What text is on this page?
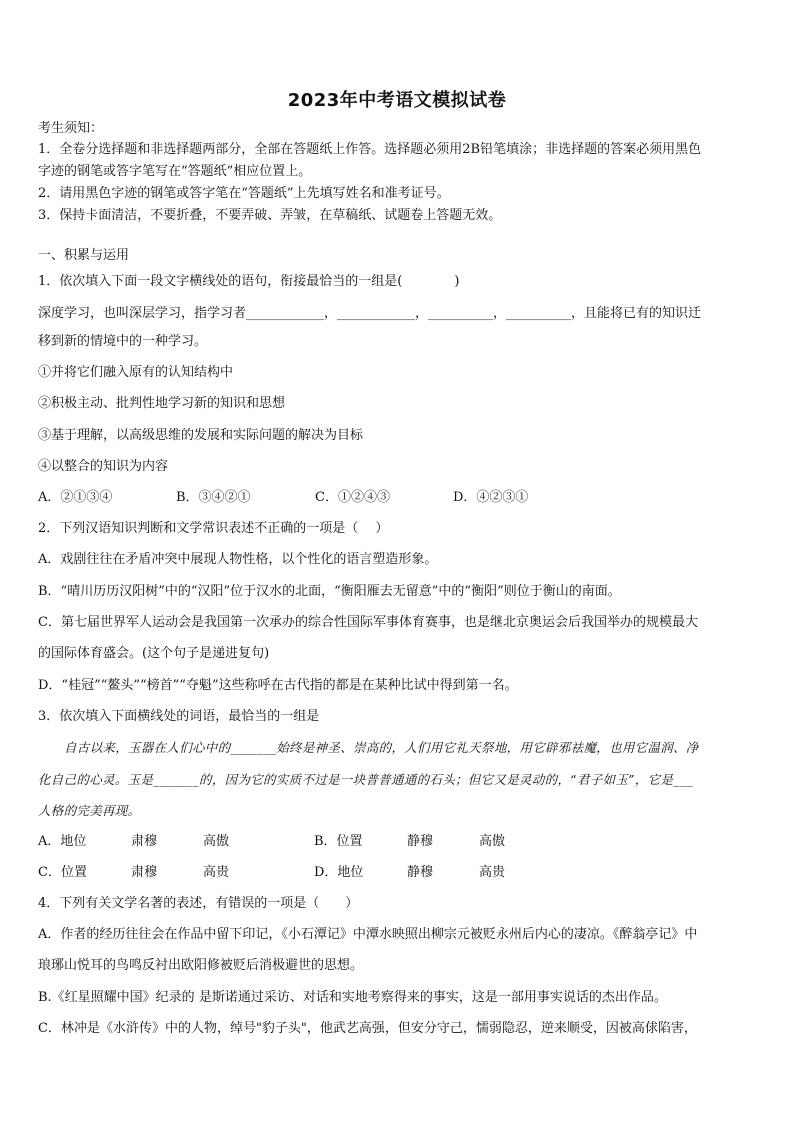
2023年中考语文模拟试卷
考生须知：
1．全卷分选择题和非选择题两部分，全部在答题纸上作答。选择题必须用2B铅笔填涂；非选择题的答案必须用黑色
字迹的钢笔或答字笔写在“答题纸”相应位置上。
2．请用黑色字迹的钢笔或答字笔在“答题纸”上先填写姓名和准考证号。
3．保持卡面清洁，不要折叠，不要弄破、弄皱，在草稿纸、试题卷上答题无效。
一、积累与运用
1．依次填入下面一段文字横线处的语句，衔接最恰当的一组是(　　　　)
深度学习，也叫深层学习，指学习者____________，____________，__________，__________，且能将已有的知识迁
移到新的情境中的一种学习。
①并将它们融入原有的认知结构中
②积极主动、批判性地学习新的知识和思想
③基于理解，以高级思维的发展和实际问题的解决为目标
④以整合的知识为内容
A．②①③④	B．③④②①	C．①②④③	D．④②③①
2．下列汉语知识判断和文学常识表述不正确的一项是（　 ）
A．戏剧往往在矛盾冲突中展现人物性格，以个性化的语言塑造形象。
B．“晴川历历汉阳树”中的“汉阳”位于汉水的北面，“衡阳雁去无留意”中的“衡阳”则位于衡山的南面。
C．第七届世界军人运动会是我国第一次承办的综合性国际军事体育赛事，也是继北京奥运会后我国举办的规模最大
的国际体育盛会。(这个句子是递进复句)
D．“桂冠”“鳌头”“榜首”“夺魁”这些称呼在古代指的都是在某种比试中得到第一名。
3．依次填入下面横线处的词语，最恰当的一组是
自古以来，玉器在人们心中的_______始终是神圣、崇高的，人们用它礼天祭地，用它辟邪祛魔，也用它温润、净
化自己的心灵。玉是_______的，因为它的实质不过是一块普普通通的石头；但它又是灵动的，“君子如玉”，它是___
人格的完美再现。
A．地位	肃穆	高傲	B．位置	静穆	高傲
C．位置	肃穆	高贵	D．地位	静穆	高贵
4．下列有关文学名著的表述，有错误的一项是（　　）
A．作者的经历往往会在作品中留下印记，《小石潭记》中潭水映照出柳宗元被贬永州后内心的凄凉。《醉翁亭记》中
琅琊山悦耳的鸟鸣反衬出欧阳修被贬后消极避世的思想。
B.《红星照耀中国》纪录的 是斯诺通过采访、对话和实地考察得来的事实，这是一部用事实说话的杰出作品。
C．林冲是《水浒传》中的人物，绰号"豹子头"，他武艺高强，但安分守己，懦弱隐忍，逆来顺受，因被高俅陷害，
